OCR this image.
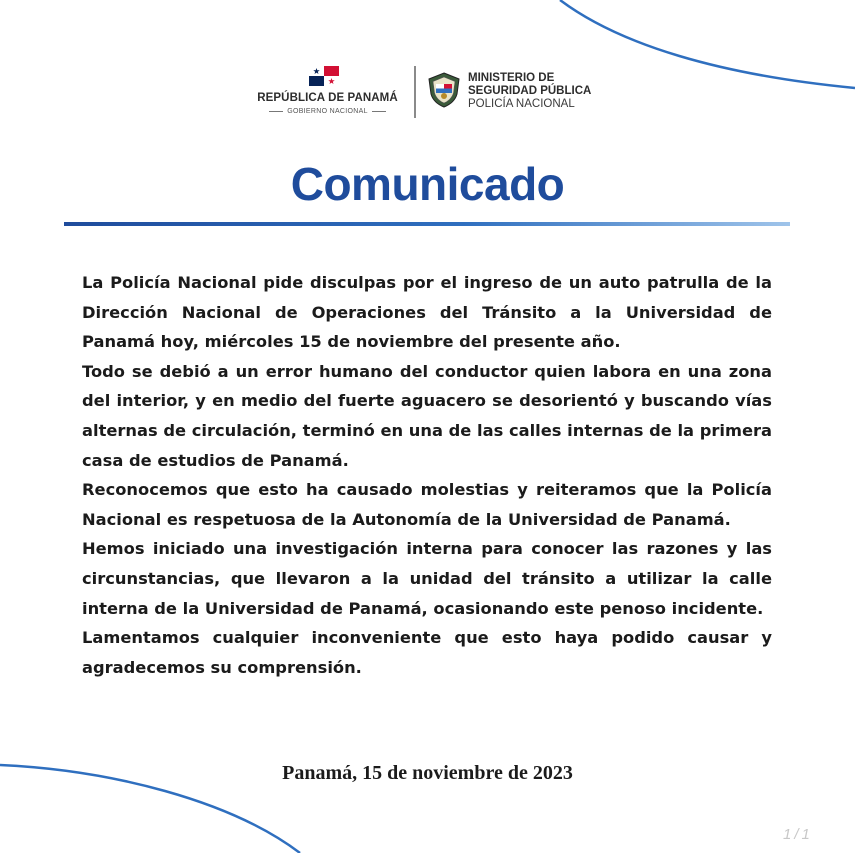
REPÚBLICA DE PANAMÁ
GOBIERNO NACIONAL
MINISTERIO DE
SEGURIDAD PÚBLICA
POLICÍA NACIONAL
Comunicado

La Policía Nacional pide disculpas por el ingreso de un auto patrulla de la Dirección Nacional de Operaciones del Tránsito a la Universidad de Panamá hoy, miércoles 15 de noviembre del presente año.

Todo se debió a un error humano del conductor quien labora en una zona del interior, y en medio del fuerte aguacero se desorientó y buscando vías alternas de circulación, terminó en una de las calles internas de la primera casa de estudios de Panamá.

Reconocemos que esto ha causado molestias y reiteramos que la Policía Nacional es respetuosa de la Autonomía de la Universidad de Panamá.

Hemos iniciado una investigación interna para conocer las razones y las circunstancias, que llevaron a la unidad del tránsito a utilizar la calle interna de la Universidad de Panamá, ocasionando este penoso incidente.

Lamentamos cualquier inconveniente que esto haya podido causar y agradecemos su comprensión.

Panamá, 15 de noviembre de 2023
1/1
